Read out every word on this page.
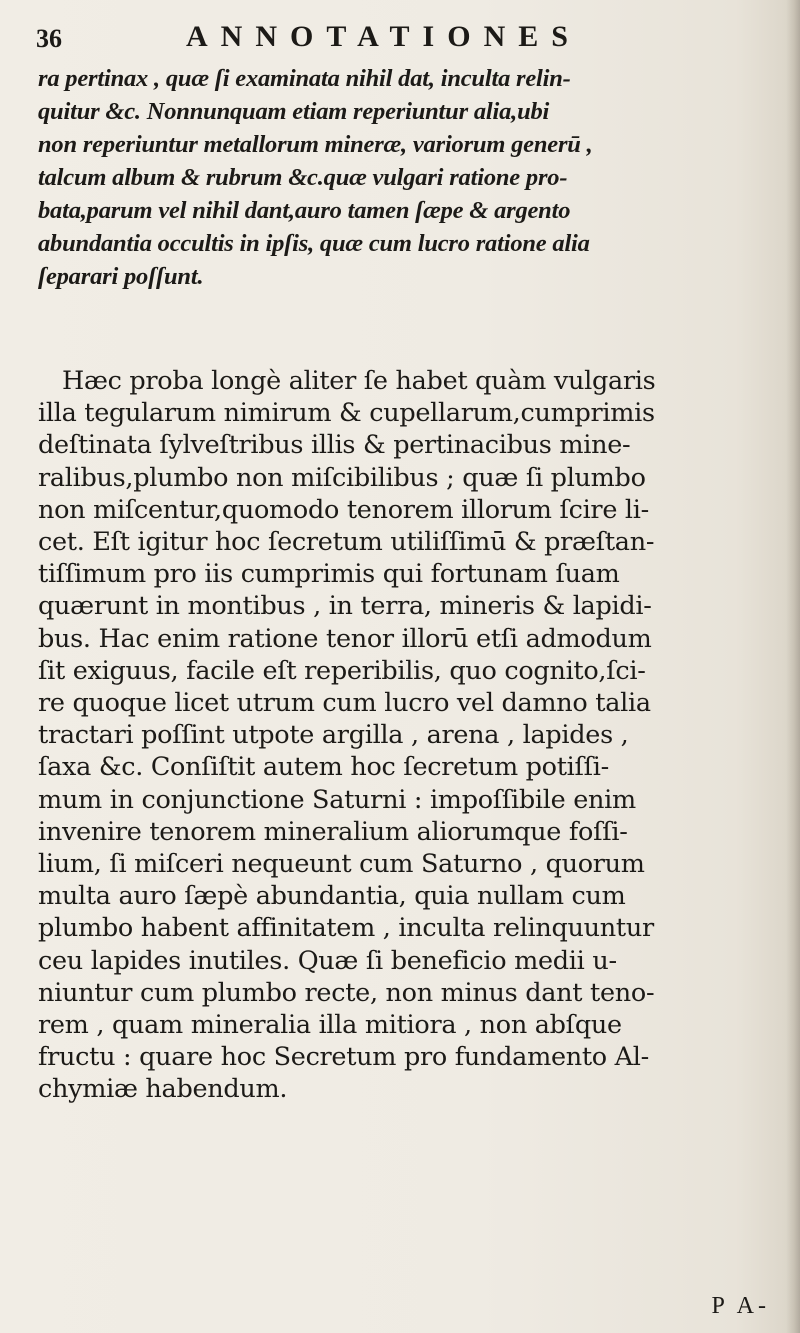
36	ANNOTATIONES
ra pertinax , quæ ſi examinata nihil dat, inculta relin-
quitur &c. Nonnunquam etiam reperiuntur alia,ubi
non reperiuntur metallorum mineræ, variorum generū ,
talcum album & rubrum &c.quæ vulgari ratione pro-
bata,parum vel nihil dant,auro tamen ſæpe & argento
abundantia occultis in ipſis, quæ cum lucro ratione alia
ſeparari poſſunt.
Hæc proba longè aliter ſe habet quàm vulgaris
illa tegularum nimirum & cupellarum,cumprimis
deſtinata ſylveſtribus illis & pertinacibus mine-
ralibus,plumbo non miſcibilibus ; quæ ſi plumbo
non miſcentur,quomodo tenorem illorum ſcire li-
cet. Eſt igitur hoc ſecretum utiliſſimū & præſtan-
tiſſimum pro iis cumprimis qui fortunam ſuam
quærunt in montibus , in terra, mineris & lapidi-
bus. Hac enim ratione tenor illorū etſi admodum
ſit exiguus, facile eſt reperibilis, quo cognito,ſci-
re quoque licet utrum cum lucro vel damno talia
tractari poſſint utpote argilla , arena , lapides ,
ſaxa &c. Conſiſtit autem hoc ſecretum potiſſi-
mum in conjunctione Saturni : impoſſibile enim
invenire tenorem mineralium aliorumque foſſi-
lium, ſi miſceri nequeunt cum Saturno , quorum
multa auro ſæpè abundantia, quia nullam cum
plumbo habent affinitatem , inculta relinquuntur
ceu lapides inutiles. Quæ ſi beneficio medii u-
niuntur cum plumbo recte, non minus dant teno-
rem , quam mineralia illa mitiora , non abſque
fructu : quare hoc Secretum pro fundamento Al-
chymiæ habendum.
P A-
